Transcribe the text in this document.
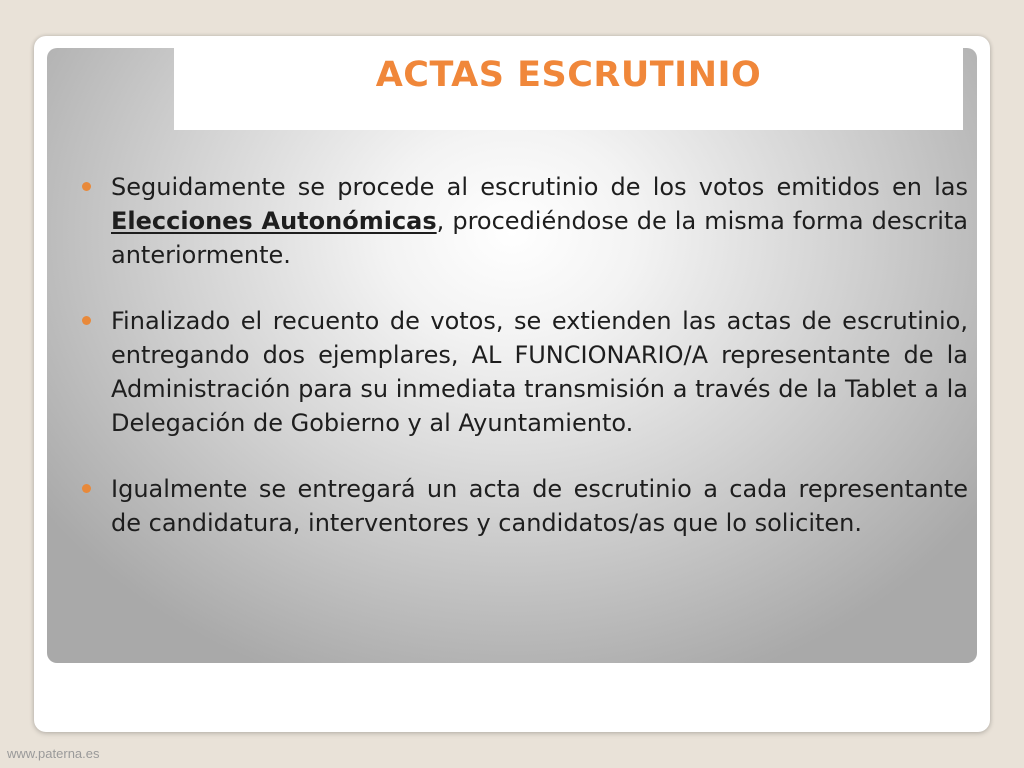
ACTAS ESCRUTINIO
Seguidamente se procede al escrutinio de los votos emitidos en las Elecciones Autonómicas, procediéndose de la misma forma descrita anteriormente.
Finalizado el recuento de votos, se extienden las actas de escrutinio, entregando dos ejemplares, AL FUNCIONARIO/A representante de la Administración para su inmediata transmisión a través de la Tablet a la Delegación de Gobierno y al Ayuntamiento.
Igualmente se entregará un acta de escrutinio a cada representante de candidatura, interventores y candidatos/as que lo soliciten.
www.paterna.es
